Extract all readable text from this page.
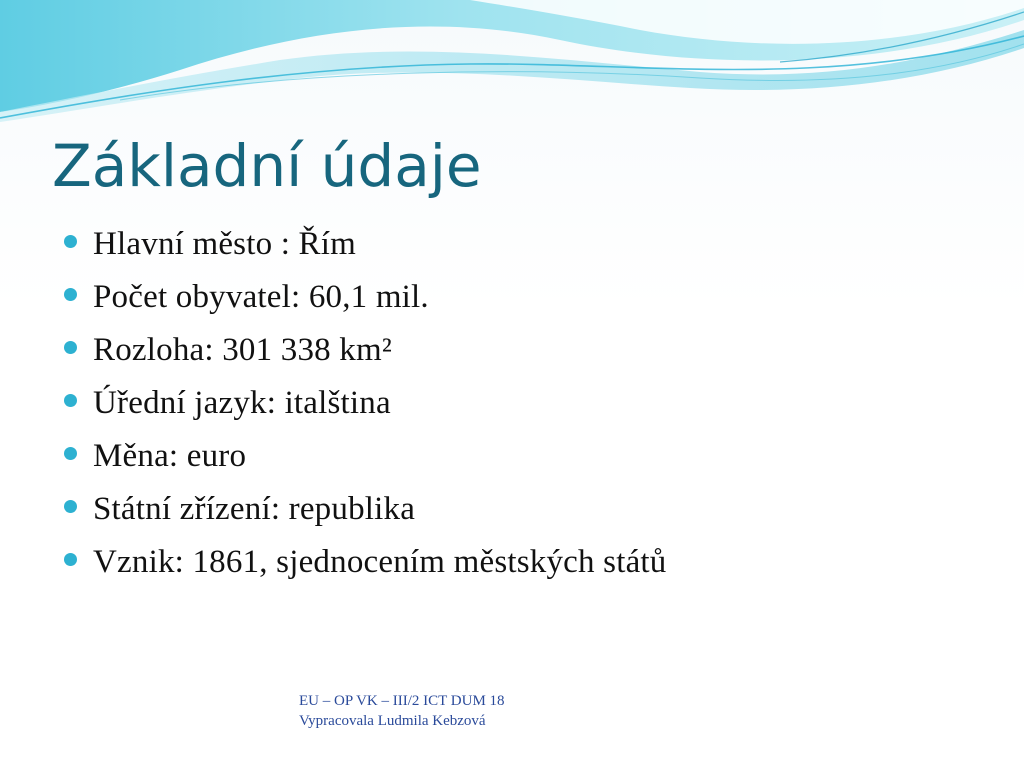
Základní údaje
Hlavní město : Řím
Počet obyvatel: 60,1 mil.
Rozloha: 301 338 km²
Úřední jazyk: italština
Měna: euro
Státní zřízení: republika
Vznik: 1861, sjednocením městských států
EU – OP VK – III/2 ICT DUM 18
Vypracovala Ludmila Kebzová
